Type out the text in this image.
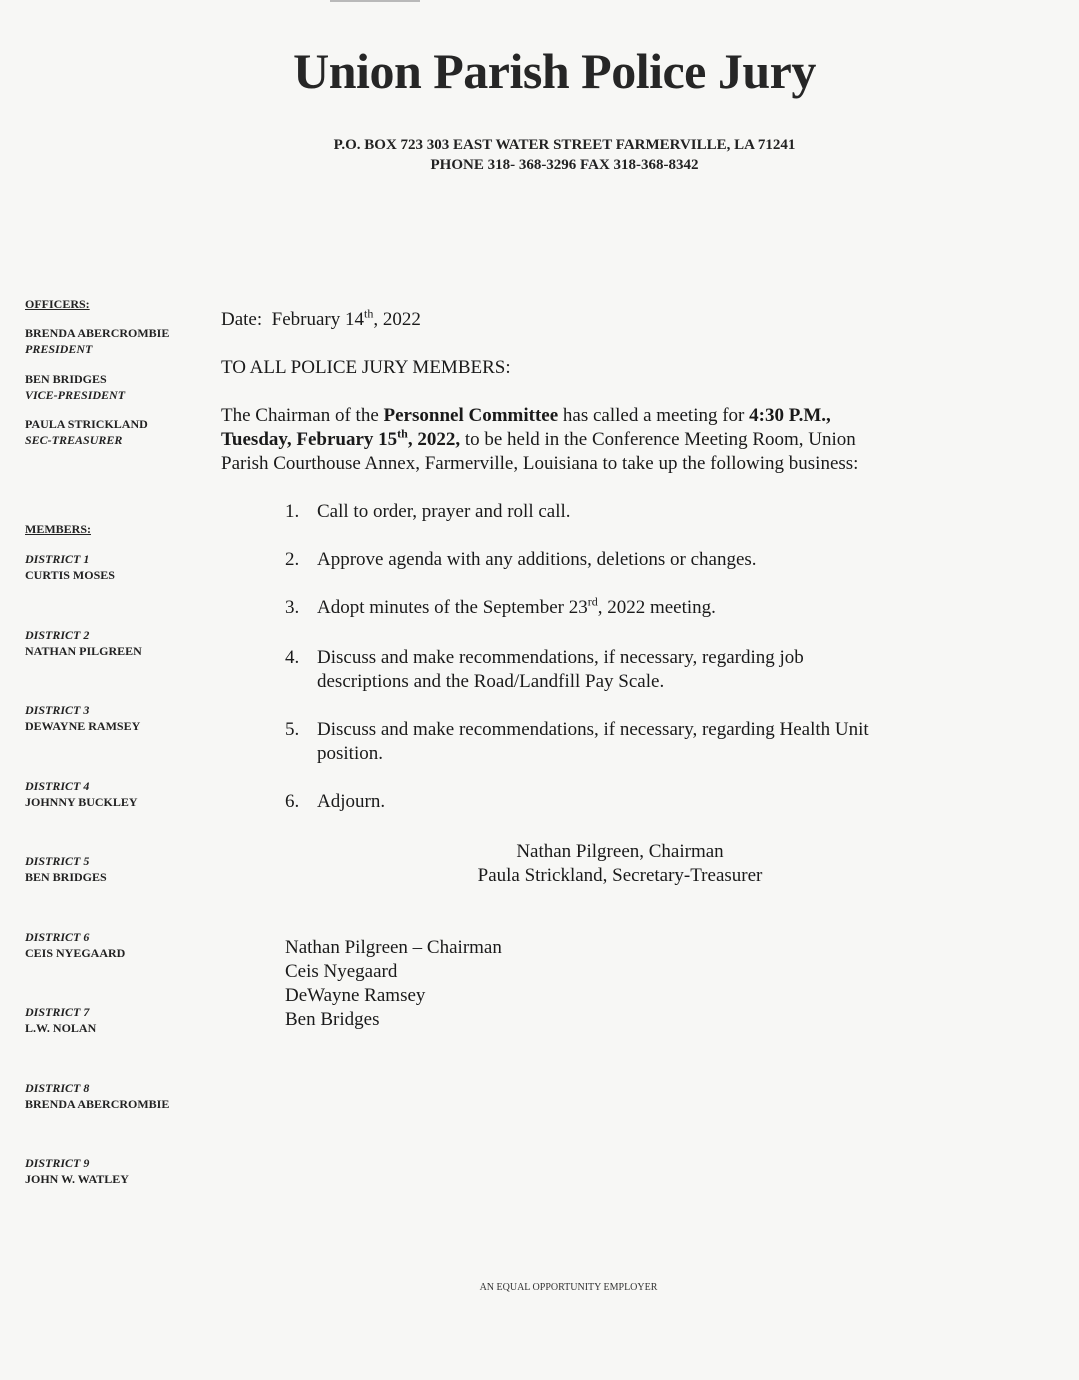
Union Parish Police Jury
P.O. BOX 723 303 EAST WATER STREET FARMERVILLE, LA 71241
PHONE 318- 368-3296 FAX 318-368-8342
OFFICERS:
BRENDA ABERCROMBIE
PRESIDENT
BEN BRIDGES
VICE-PRESIDENT
PAULA STRICKLAND
SEC-TREASURER
MEMBERS:
DISTRICT 1
CURTIS MOSES
DISTRICT 2
NATHAN PILGREEN
DISTRICT 3
DEWAYNE RAMSEY
DISTRICT 4
JOHNNY BUCKLEY
DISTRICT 5
BEN BRIDGES
DISTRICT 6
CEIS NYEGAARD
DISTRICT 7
L.W. NOLAN
DISTRICT 8
BRENDA ABERCROMBIE
DISTRICT 9
JOHN W. WATLEY
Date: February 14th, 2022
TO ALL POLICE JURY MEMBERS:
The Chairman of the Personnel Committee has called a meeting for 4:30 P.M.,
Tuesday, February 15th, 2022, to be held in the Conference Meeting Room, Union
Parish Courthouse Annex, Farmerville, Louisiana to take up the following business:
1. Call to order, prayer and roll call.
2. Approve agenda with any additions, deletions or changes.
3. Adopt minutes of the September 23rd, 2022 meeting.
4. Discuss and make recommendations, if necessary, regarding job
descriptions and the Road/Landfill Pay Scale.
5. Discuss and make recommendations, if necessary, regarding Health Unit
position.
6. Adjourn.
Nathan Pilgreen, Chairman
Paula Strickland, Secretary-Treasurer
Nathan Pilgreen – Chairman
Ceis Nyegaard
DeWayne Ramsey
Ben Bridges
AN EQUAL OPPORTUNITY EMPLOYER
